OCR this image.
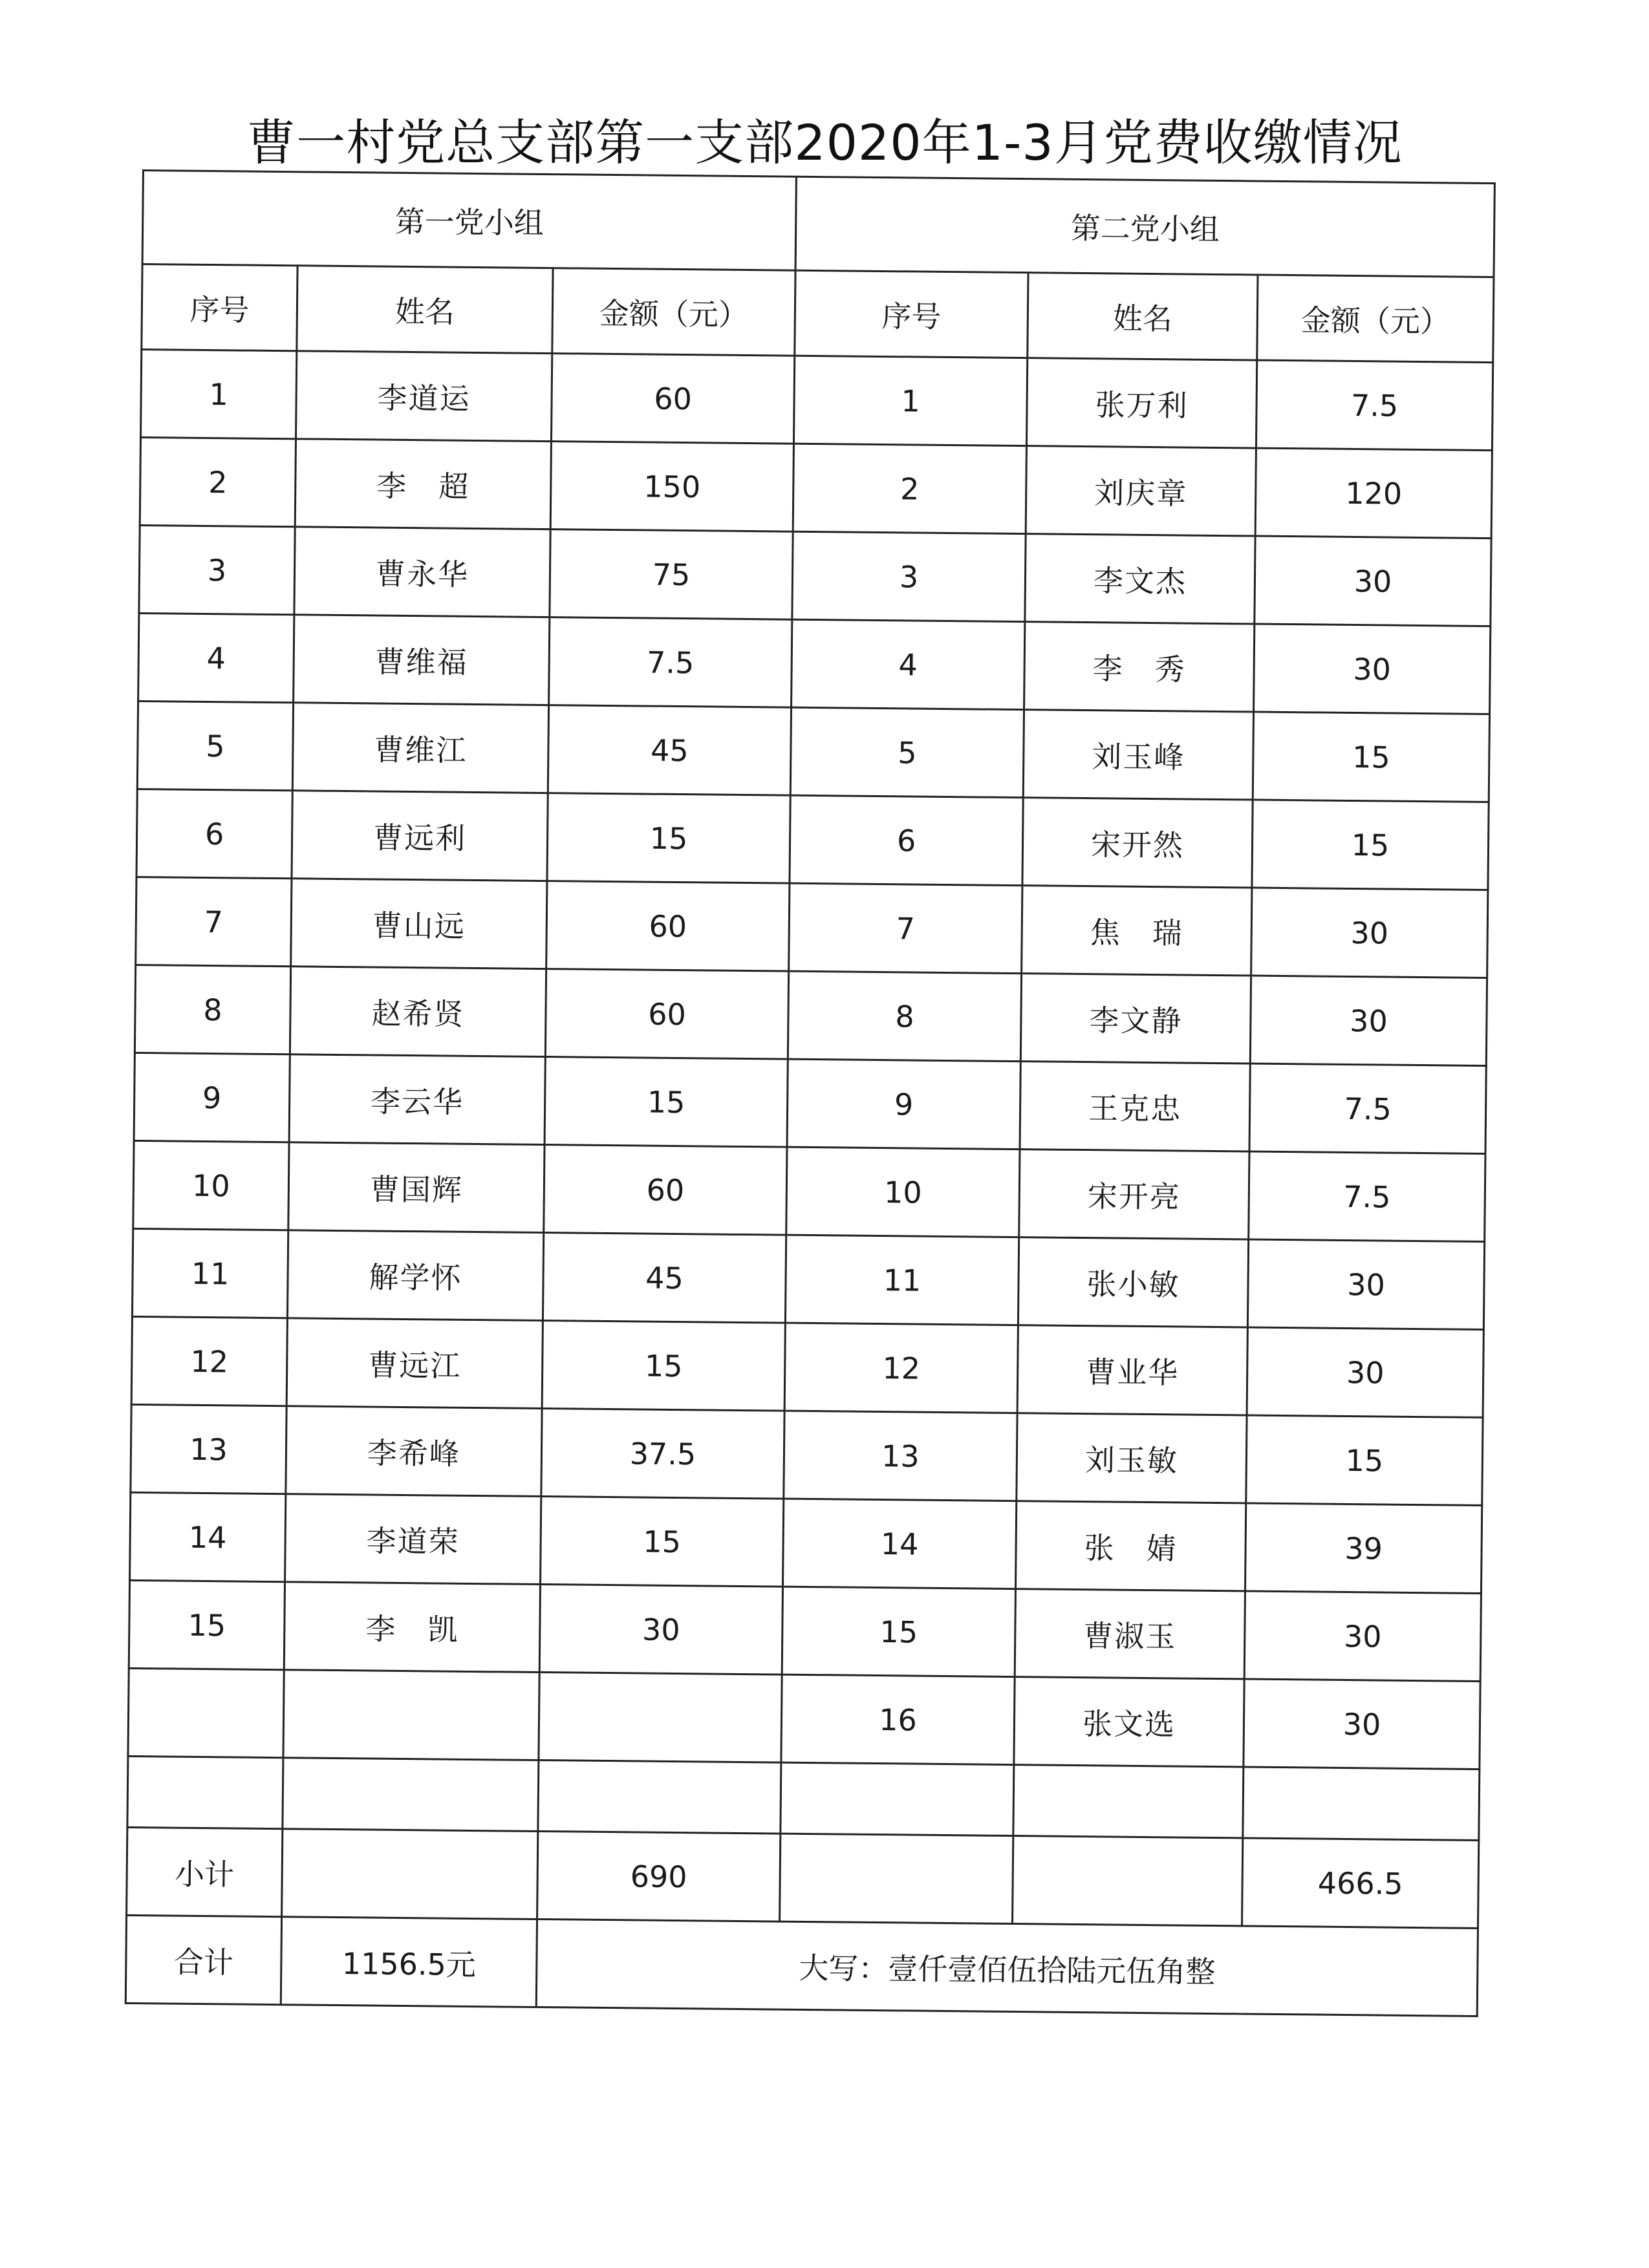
曹一村党总支部第一支部2020年1-3月党费收缴情况
第一党小组			第二党小组		
序号	姓名	金额（元）	序号	姓名	金额（元）
1	李道运	60	1	张万利	7.5
2	李　超	150	2	刘庆章	120
3	曹永华	75	3	李文杰	30
4	曹维福	7.5	4	李　秀	30
5	曹维江	45	5	刘玉峰	15
6	曹远利	15	6	宋开然	15
7	曹山远	60	7	焦　瑞	30
8	赵希贤	60	8	李文静	30
9	李云华	15	9	王克忠	7.5
10	曹国辉	60	10	宋开亮	7.5
11	解学怀	45	11	张小敏	30
12	曹远江	15	12	曹业华	30
13	李希峰	37.5	13	刘玉敏	15
14	李道荣	15	14	张　婧	39
15	李　凯	30	15	曹淑玉	30
			16	张文选	30

小计		690			466.5
合计	1156.5元	大写：壹仟壹佰伍拾陆元伍角整			
